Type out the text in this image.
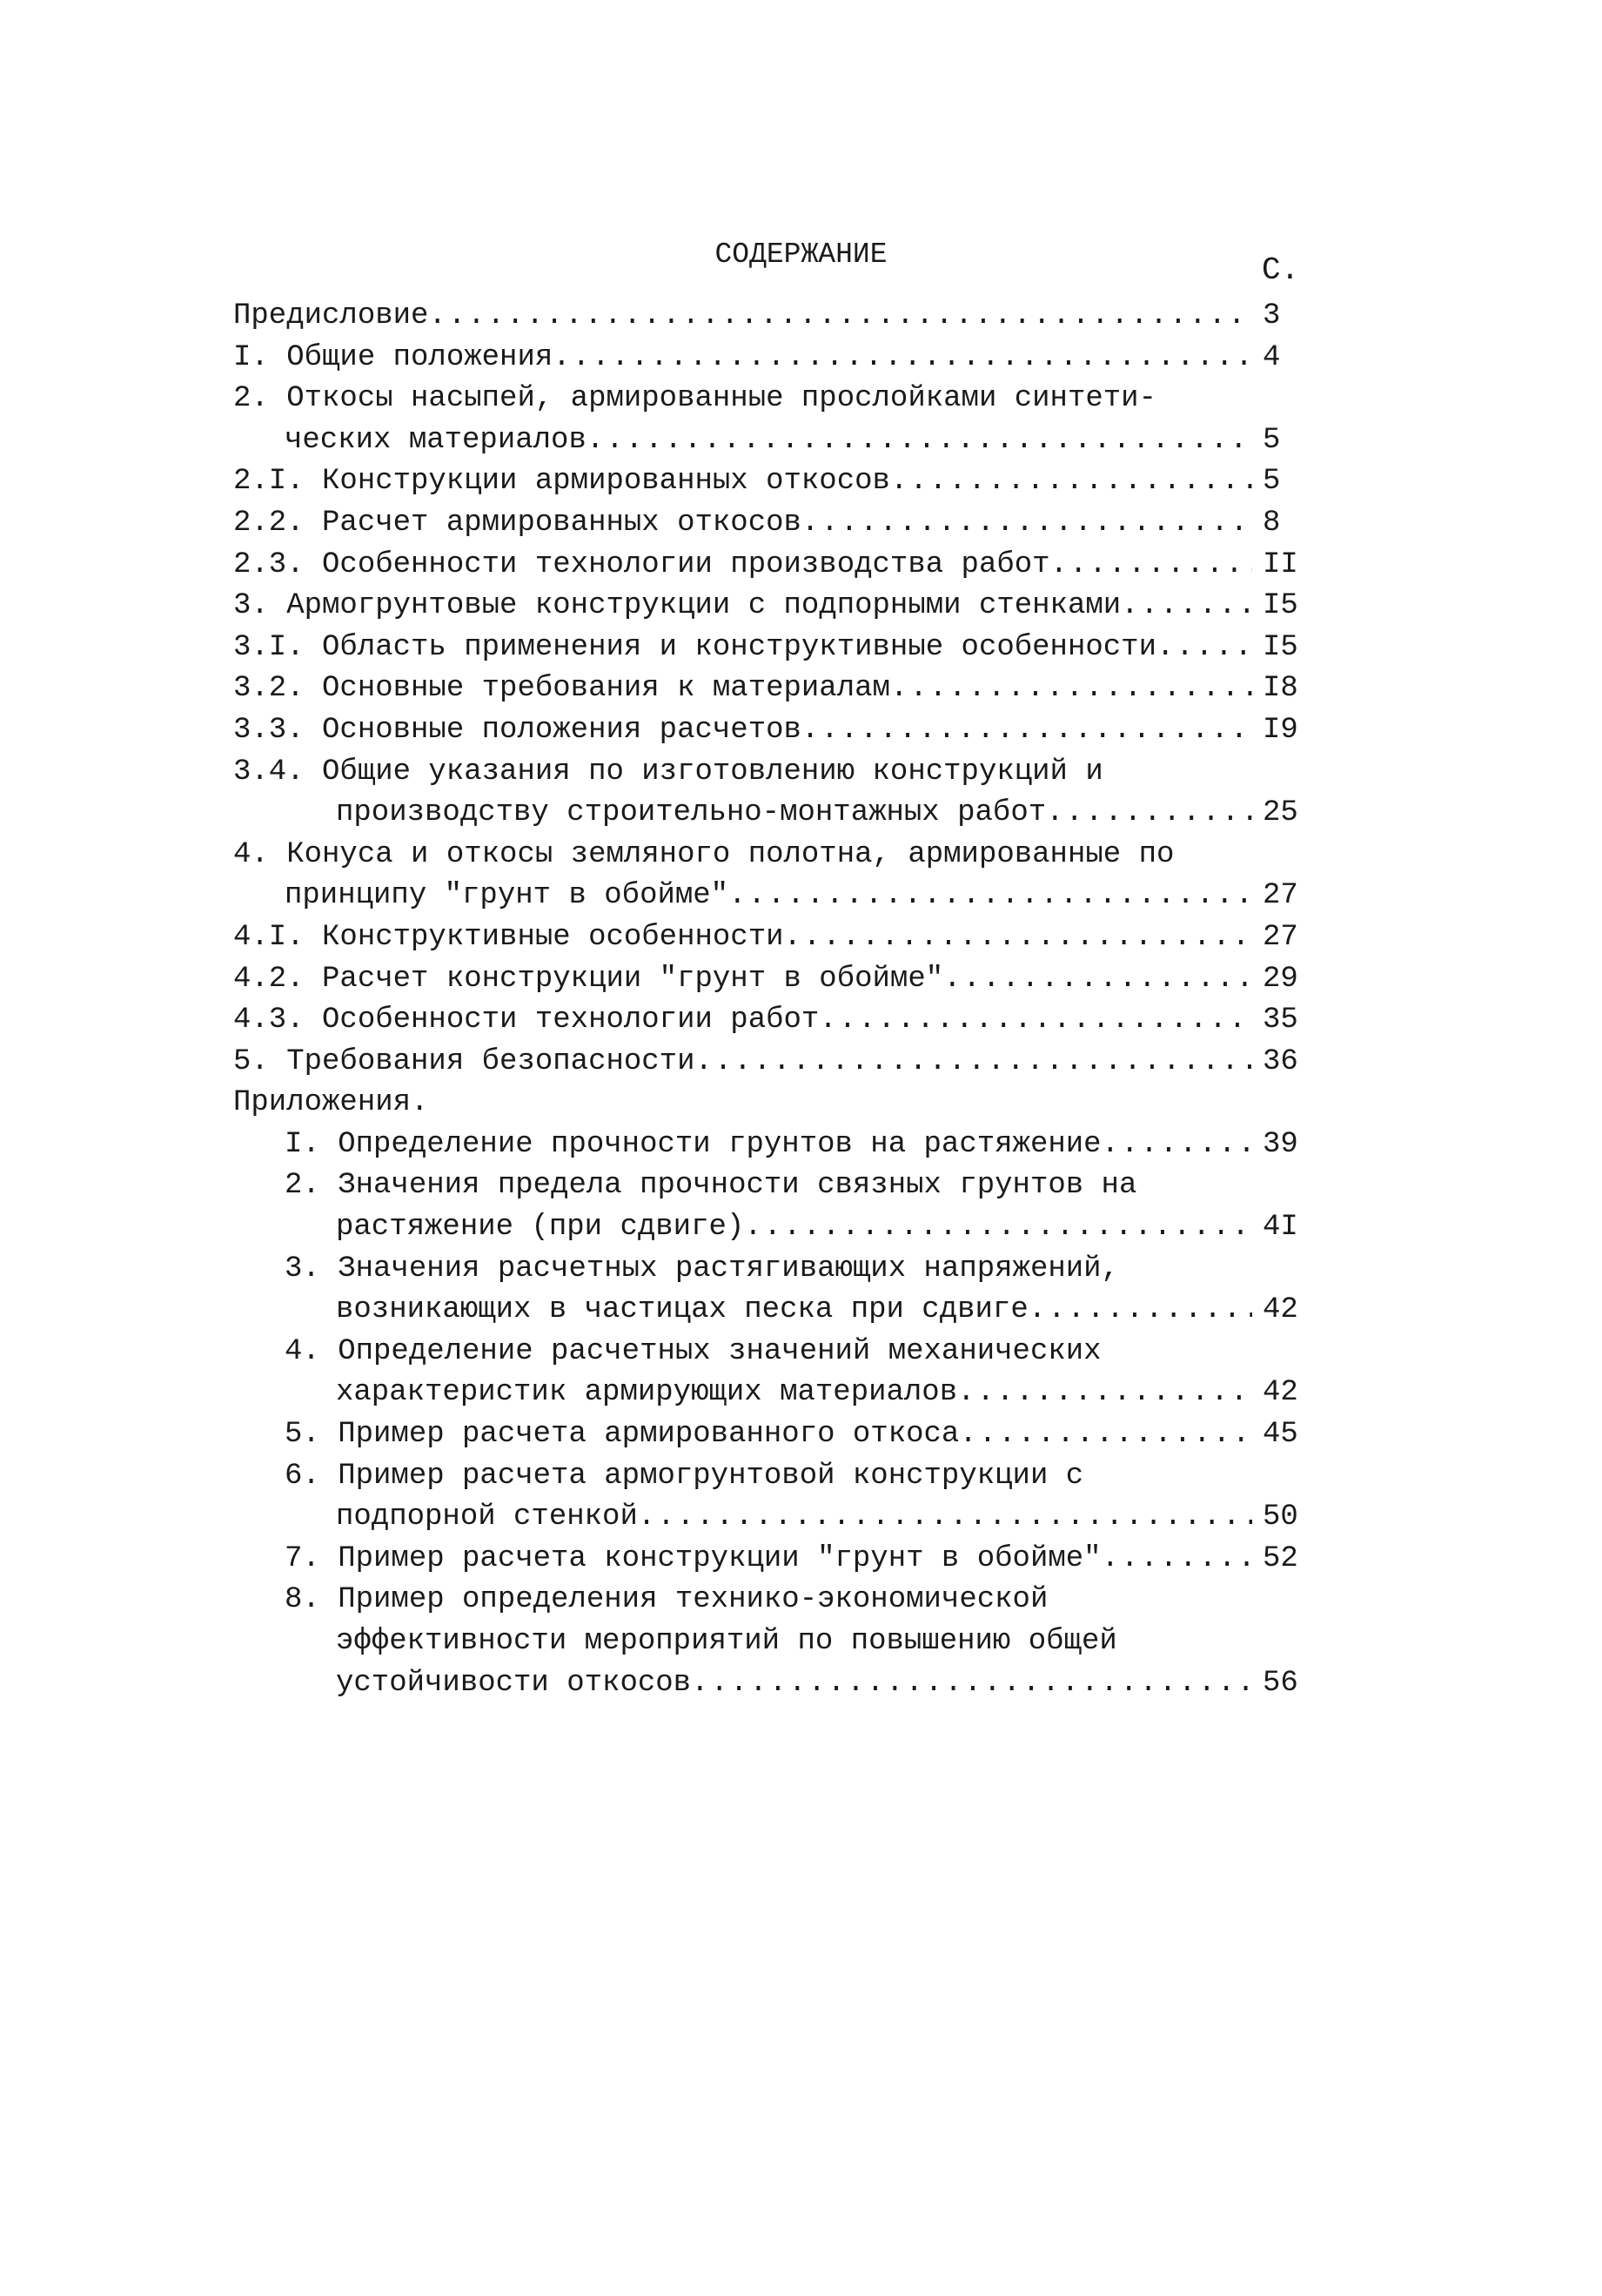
СОДЕРЖАНИЕ	С.
Предисловие .....	3
I. Общие положения .....	4
2. Откосы насыпей, армированные прослойками синтети-
ческих материалов .....	5
2.I. Конструкции армированных откосов .....	5
2.2. Расчет армированных откосов .....	8
2.3. Особенности технологии производства работ .....	II
3. Армогрунтовые конструкции с подпорными стенками .....	I5
3.I. Область применения и конструктивные особенности .....	I5
3.2. Основные требования к материалам .....	I8
3.3. Основные положения расчетов .....	I9
3.4. Общие указания по изготовлению конструкций и
производству строительно-монтажных работ .....	25
4. Конуса и откосы земляного полотна, армированные по
принципу "грунт в обойме" .....	27
4.I. Конструктивные особенности .....	27
4.2. Расчет конструкции "грунт в обойме" .....	29
4.3. Особенности технологии работ .....	35
5. Требования безопасности .....	36
Приложения.
I. Определение прочности грунтов на растяжение .....	39
2. Значения предела прочности связных грунтов на
растяжение (при сдвиге) .....	4I
3. Значения расчетных растягивающих напряжений,
возникающих в частицах песка при сдвиге .....	42
4. Определение расчетных значений механических
характеристик армирующих материалов .....	42
5. Пример расчета армированного откоса .....	45
6. Пример расчета армогрунтовой конструкции с
подпорной стенкой .....	50
7. Пример расчета конструкции "грунт в обойме" .....	52
8. Пример определения технико-экономической
эффективности мероприятий по повышению общей
устойчивости откосов .....	56
